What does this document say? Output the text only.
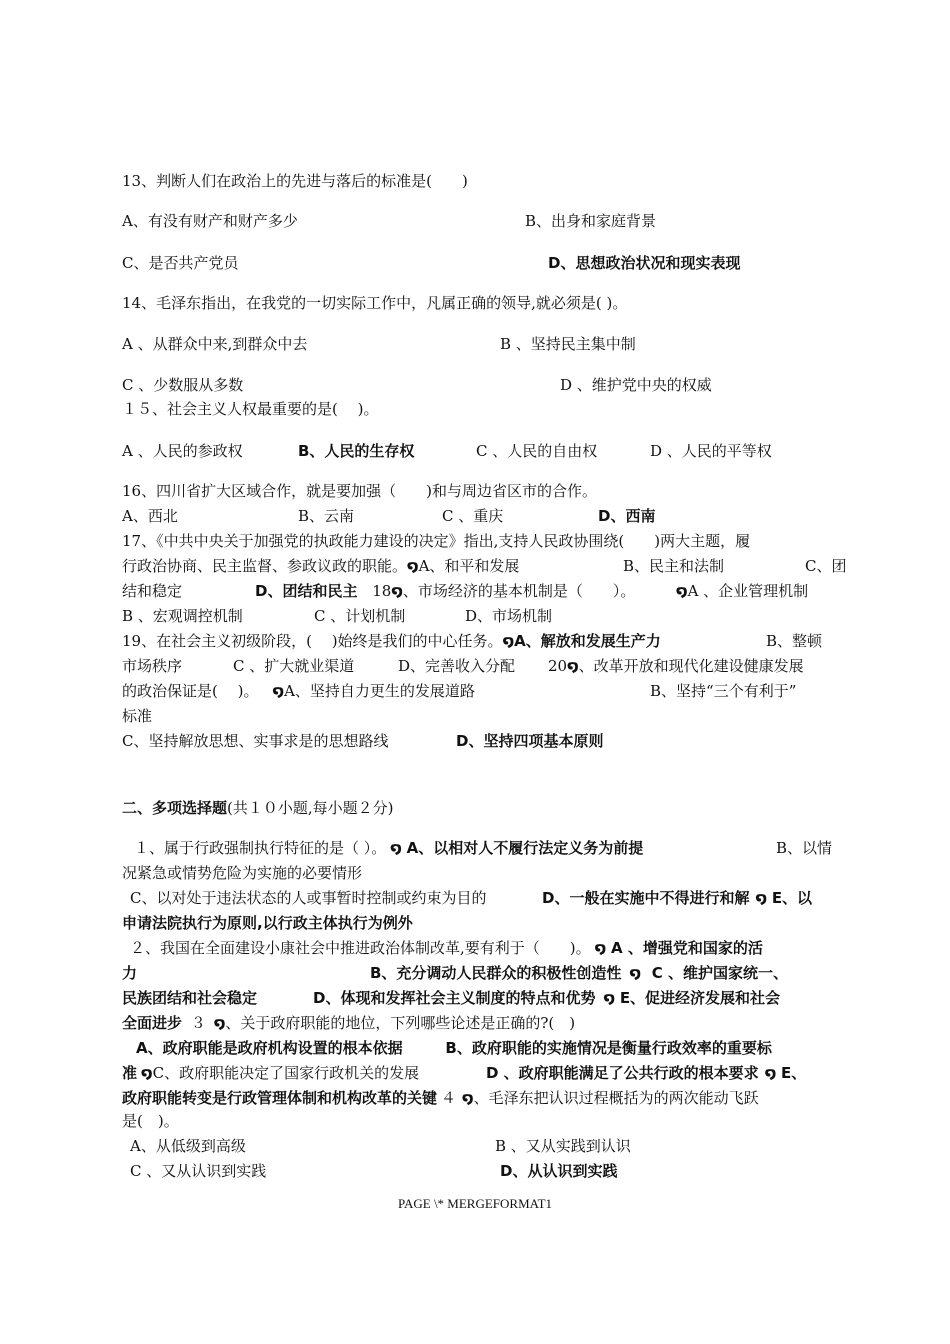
13、判断人们在政治上的先进与落后的标准是(　　)
A、有没有财产和财产多少	B、出身和家庭背景
C、是否共产党员	D、思想政治状况和现实表现
14、毛泽东指出，在我党的一切实际工作中，凡属正确的领导,就必须是( )。
A 、从群众中来,到群众中去	B 、坚持民主集中制
C 、少数服从多数	D 、维护党中央的权威
１５、社会主义人权最重要的是(　 )。
A 、人民的参政权	B、人民的生存权	C 、人民的自由权	D 、人民的平等权
16、四川省扩大区域合作，就是要加强（　　)和与周边省区市的合作。
A、西北	B、云南	C 、重庆	D、西南
17、《中共中央关于加强党的执政能力建设的决定》指出,支持人民政协围绕(　　)两大主题，履
行政治协商、民主监督、参政议政的职能。໑A、和平和发展	B、民主和法制	C、团
结和稳定	D、团结和民主 18໑、市场经济的基本机制是（　　）。	໑A 、企业管理机制
B 、宏观调控机制	C 、计划机制	D、市场机制
19、在社会主义初级阶段，(　 )始终是我们的中心任务。໑A、解放和发展生产力	B、整顿
市场秩序	C 、扩大就业渠道	D、完善收入分配 20໑、改革开放和现代化建设健康发展
的政治保证是(　 )。 ໑A、坚持自力更生的发展道路	B、坚持“三个有利于”
标准
C、坚持解放思想、实事求是的思想路线	D、坚持四项基本原则
二、多项选择题(共１０小题,每小题２分)
１、属于行政强制执行特征的是（ ）。 ໑ A、以相对人不履行法定义务为前提	B、以情
况紧急或情势危险为实施的必要情形
C、以对处于违法状态的人或事暂时控制或约束为目的	D、一般在实施中不得进行和解 ໑ E、以
申请法院执行为原则,以行政主体执行为例外
２、我国在全面建设小康社会中推进政治体制改革,要有利于（　　)。 ໑ A 、增强党和国家的活
力	B、充分调动人民群众的积极性创造性 ໑ C 、维护国家统一、
民族团结和社会稳定	D、体现和发挥社会主义制度的特点和优势 ໑ E、促进经济发展和社会
全面进步 ３ ໑、关于政府职能的地位，下列哪些论述是正确的?(　)
A、政府职能是政府机构设置的根本依据	B、政府职能的实施情况是衡量行政效率的重要标
准 ໑C、政府职能决定了国家行政机关的发展	D 、政府职能满足了公共行政的根本要求 ໑ E、
政府职能转变是行政管理体制和机构改革的关键 ４ ໑、毛泽东把认识过程概括为的两次能动飞跃
是(　)。
A、从低级到高级	B 、又从实践到认识
C 、又从认识到实践	D、从认识到实践
PAGE \* MERGEFORMAT1
